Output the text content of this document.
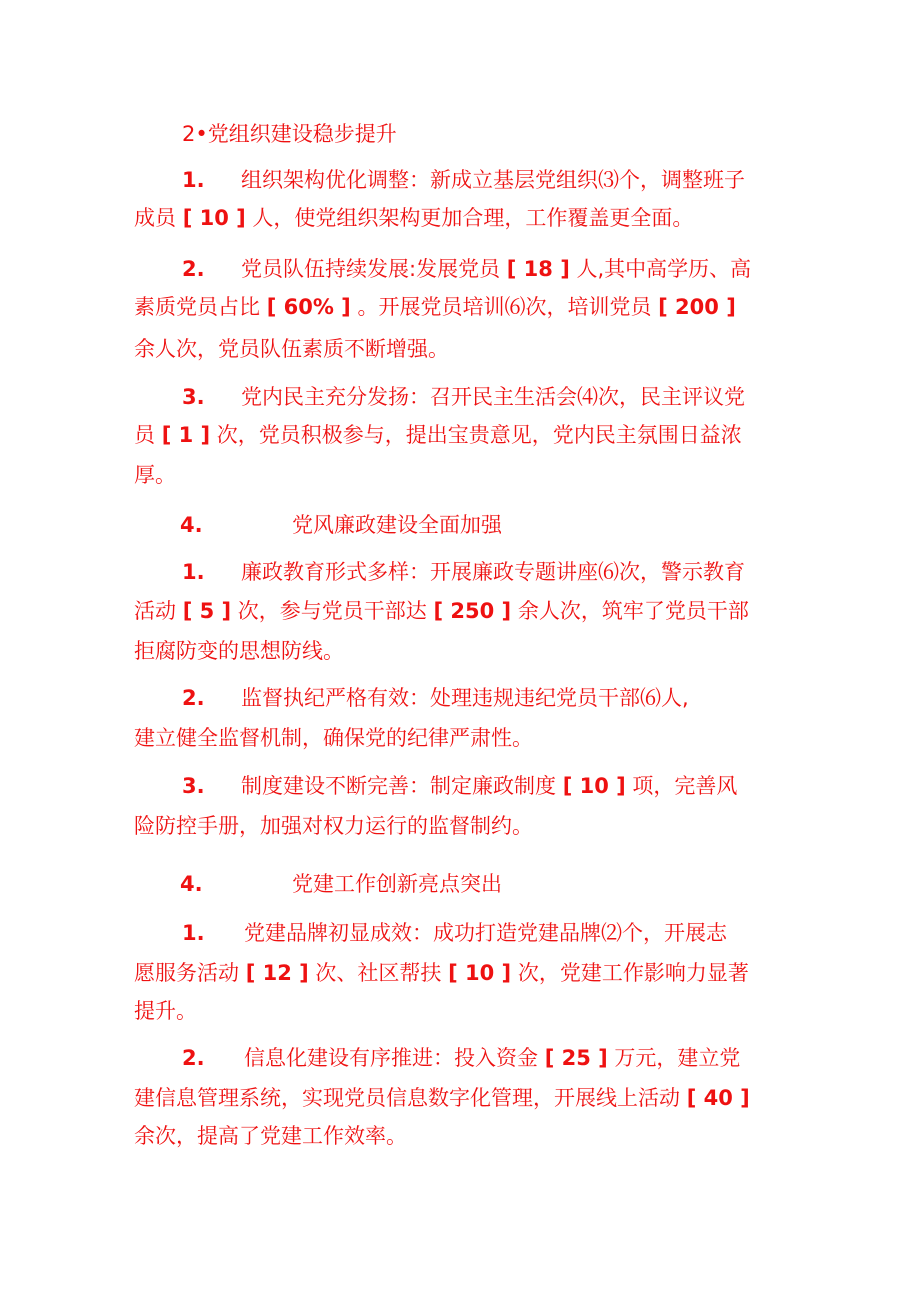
2•党组织建设稳步提升
1. 组织架构优化调整：新成立基层党组织⑶个，调整班子
成员 [ 10 ] 人，使党组织架构更加合理，工作覆盖更全面。
2. 党员队伍持续发展:发展党员 [ 18 ] 人,其中高学历、高
素质党员占比 [ 60% ] 。开展党员培训⑹次，培训党员 [ 200 ]
余人次，党员队伍素质不断增强。
3. 党内民主充分发扬：召开民主生活会⑷次，民主评议党
员 [ 1 ] 次，党员积极参与，提出宝贵意见，党内民主氛围日益浓
厚。
4.	党风廉政建设全面加强
1. 廉政教育形式多样：开展廉政专题讲座⑹次，警示教育
活动 [ 5 ] 次，参与党员干部达 [ 250 ] 余人次，筑牢了党员干部
拒腐防变的思想防线。
2. 监督执纪严格有效：处理违规违纪党员干部⑹人,
建立健全监督机制，确保党的纪律严肃性。
3. 制度建设不断完善：制定廉政制度 [ 10 ] 项，完善风
险防控手册，加强对权力运行的监督制约。
4.	党建工作创新亮点突出
1. 党建品牌初显成效：成功打造党建品牌⑵个，开展志
愿服务活动 [ 12 ] 次、社区帮扶 [ 10 ] 次，党建工作影响力显著
提升。
2. 信息化建设有序推进：投入资金 [ 25 ] 万元，建立党
建信息管理系统，实现党员信息数字化管理，开展线上活动 [ 40 ]
余次，提高了党建工作效率。
